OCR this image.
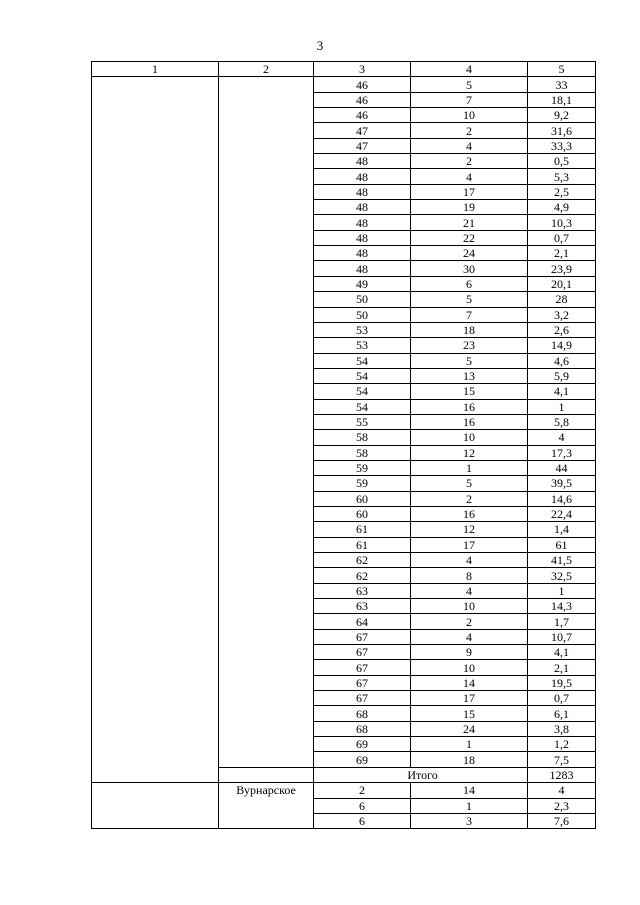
3
1	2	3	4	5
		46	5	33
		46	7	18,1
		46	10	9,2
		47	2	31,6
		47	4	33,3
		48	2	0,5
		48	4	5,3
		48	17	2,5
		48	19	4,9
		48	21	10,3
		48	22	0,7
		48	24	2,1
		48	30	23,9
		49	6	20,1
		50	5	28
		50	7	3,2
		53	18	2,6
		53	23	14,9
		54	5	4,6
		54	13	5,9
		54	15	4,1
		54	16	1
		55	16	5,8
		58	10	4
		58	12	17,3
		59	1	44
		59	5	39,5
		60	2	14,6
		60	16	22,4
		61	12	1,4
		61	17	61
		62	4	41,5
		62	8	32,5
		63	4	1
		63	10	14,3
		64	2	1,7
		67	4	10,7
		67	9	4,1
		67	10	2,1
		67	14	19,5
		67	17	0,7
		68	15	6,1
		68	24	3,8
		69	1	1,2
		69	18	7,5
		Итого		1283
	Вурнарское	2	14	4
		6	1	2,3
		6	3	7,6
